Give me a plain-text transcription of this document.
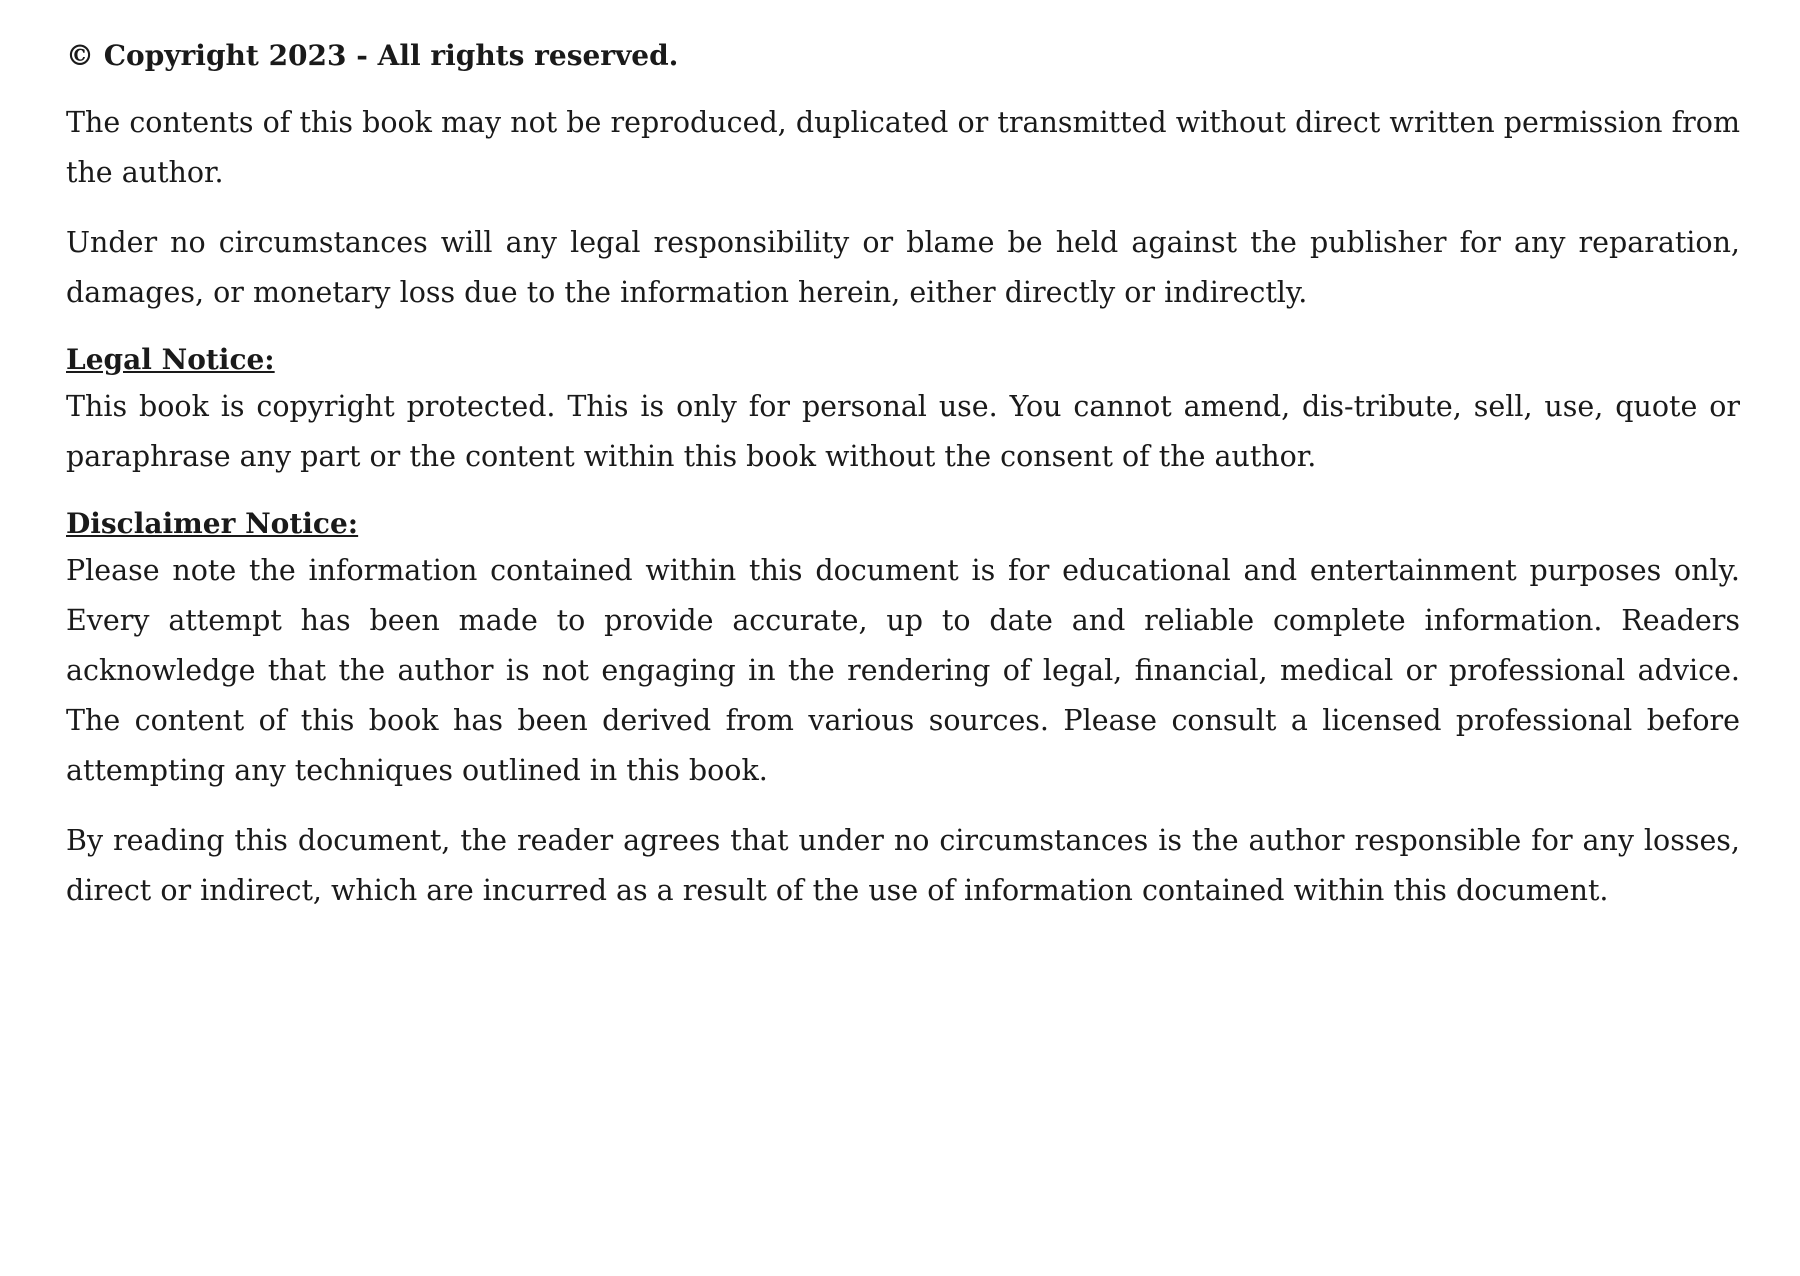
© Copyright 2023 - All rights reserved.

The contents of this book may not be reproduced, duplicated or transmitted without direct written permission from the author.

Under no circumstances will any legal responsibility or blame be held against the publisher for any reparation, damages, or monetary loss due to the information herein, either directly or indirectly.

Legal Notice:

This book is copyright protected. This is only for personal use. You cannot amend, dis-tribute, sell, use, quote or paraphrase any part or the content within this book without the consent of the author.

Disclaimer Notice:

Please note the information contained within this document is for educational and entertainment purposes only. Every attempt has been made to provide accurate, up to date and reliable complete information. Readers acknowledge that the author is not engaging in the rendering of legal, financial, medical or professional advice. The content of this book has been derived from various sources. Please consult a licensed professional before attempting any techniques outlined in this book.

By reading this document, the reader agrees that under no circumstances is the author responsible for any losses, direct or indirect, which are incurred as a result of the use of information contained within this document.
